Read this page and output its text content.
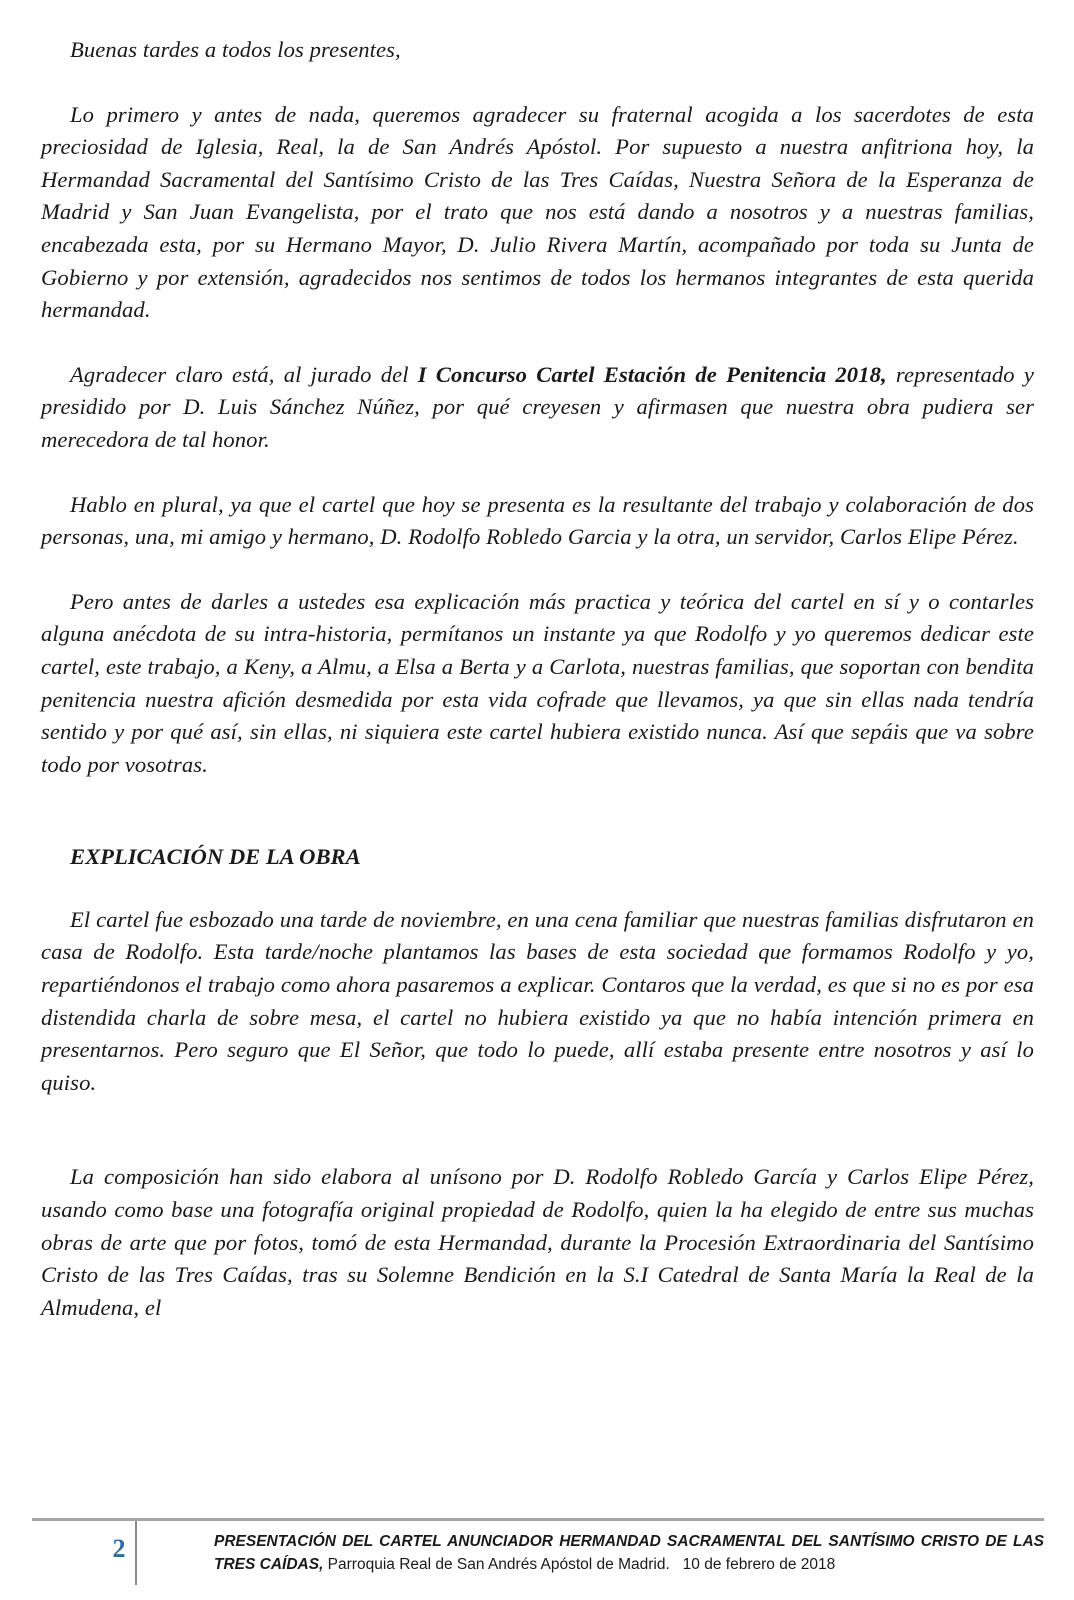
Buenas tardes a todos los presentes,

Lo primero y antes de nada, queremos agradecer su fraternal acogida a los sacerdotes de esta preciosidad de Iglesia, Real, la de San Andrés Apóstol. Por supuesto a nuestra anfitriona hoy, la Hermandad Sacramental del Santísimo Cristo de las Tres Caídas, Nuestra Señora de la Esperanza de Madrid y San Juan Evangelista, por el trato que nos está dando a nosotros y a nuestras familias, encabezada esta, por su Hermano Mayor, D. Julio Rivera Martín, acompañado por toda su Junta de Gobierno y por extensión, agradecidos nos sentimos de todos los hermanos integrantes de esta querida hermandad.

Agradecer claro está, al jurado del I Concurso Cartel Estación de Penitencia 2018, representado y presidido por D. Luis Sánchez Núñez, por qué creyesen y afirmasen que nuestra obra pudiera ser merecedora de tal honor.

Hablo en plural, ya que el cartel que hoy se presenta es la resultante del trabajo y colaboración de dos personas, una, mi amigo y hermano, D. Rodolfo Robledo Garcia y la otra, un servidor, Carlos Elipe Pérez.

Pero antes de darles a ustedes esa explicación más practica y teórica del cartel en sí y o contarles alguna anécdota de su intra-historia, permítanos un instante ya que Rodolfo y yo queremos dedicar este cartel, este trabajo, a Keny, a Almu, a Elsa a Berta y a Carlota, nuestras familias, que soportan con bendita penitencia nuestra afición desmedida por esta vida cofrade que llevamos, ya que sin ellas nada tendría sentido y por qué así, sin ellas, ni siquiera este cartel hubiera existido nunca. Así que sepáis que va sobre todo por vosotras.

EXPLICACIÓN DE LA OBRA

El cartel fue esbozado una tarde de noviembre, en una cena familiar que nuestras familias disfrutaron en casa de Rodolfo. Esta tarde/noche plantamos las bases de esta sociedad que formamos Rodolfo y yo, repartiéndonos el trabajo como ahora pasaremos a explicar. Contaros que la verdad, es que si no es por esa distendida charla de sobre mesa, el cartel no hubiera existido ya que no había intención primera en presentarnos. Pero seguro que El Señor, que todo lo puede, allí estaba presente entre nosotros y así lo quiso.

La composición han sido elabora al unísono por D. Rodolfo Robledo García y Carlos Elipe Pérez, usando como base una fotografía original propiedad de Rodolfo, quien la ha elegido de entre sus muchas obras de arte que por fotos, tomó de esta Hermandad, durante la Procesión Extraordinaria del Santísimo Cristo de las Tres Caídas, tras su Solemne Bendición en la S.I Catedral de Santa María la Real de la Almudena, el

2	PRESENTACIÓN DEL CARTEL ANUNCIADOR HERMANDAD SACRAMENTAL DEL SANTÍSIMO CRISTO DE LAS TRES CAÍDAS, Parroquia Real de San Andrés Apóstol de Madrid.   10 de febrero de 2018
